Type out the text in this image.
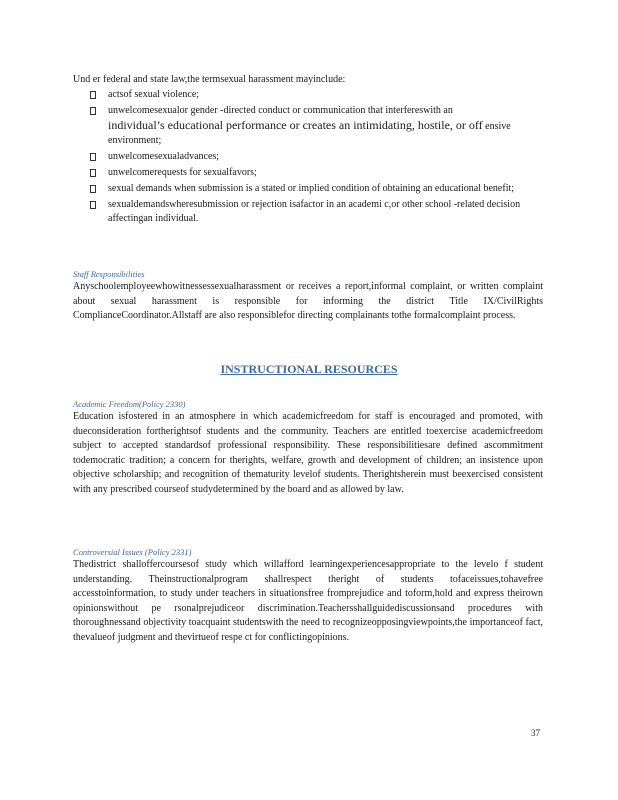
Und er federal and state law,the termsexual harassment mayinclude:
actsof sexual violence;
unwelcomesexualor gender -directed conduct or communication that interfereswith an
individual’s educational performance or creates an intimidating, hostile, or off ensive environment;
unwelcomesexualadvances;
unwelcomerequests for sexualfavors;
sexual demands when submission is a stated or implied condition of obtaining an educational benefit;
sexualdemandswheresubmission or rejection isafactor in an academi c,or other school -related decision affectingan individual.
Staff Responsibilities
Anyschoolemployeewhowitnessessexualharassment or receives a report,informal complaint, or written complaint about sexual harassment is responsible for informing the district Title IX/CivilRights ComplianceCoordinator.Allstaff are also responsiblefor directing complainants tothe formalcomplaint process.
INSTRUCTIONAL RESOURCES
Academic Freedom(Policy 2330)
Education isfostered in an atmosphere in which academicfreedom for staff is encouraged and promoted, with dueconsideration fortherightsof students and the community. Teachers are entitled toexercise academicfreedom subject to accepted standardsof professional responsibility. These responsibilitiesare defined ascommitment todemocratic tradition; a concern for therights, welfare, growth and development of children; an insistence upon objective scholarship; and recognition of thematurity levelof students. Therightsherein must beexercised consistent with any prescribed courseof studydetermined by the board and as allowed by law.
Controversial Issues (Policy 2331)
Thedistrict shalloffercoursesof study which willafford learningexperiencesappropriate to the levelo f student understanding. Theinstructionalprogram shallrespect theright of students tofaceissues,tohavefree accesstoinformation, to study under teachers in situationsfree fromprejudice and toform,hold and express theirown opinionswithout pe rsonalprejudiceor discrimination.Teachersshallguidediscussionsand procedures with thoroughnessand objectivity toacquaint studentswith the need to recognizeopposingviewpoints,the importanceof fact, thevalueof judgment and thevirtueof respe ct for conflictingopinions.
37
